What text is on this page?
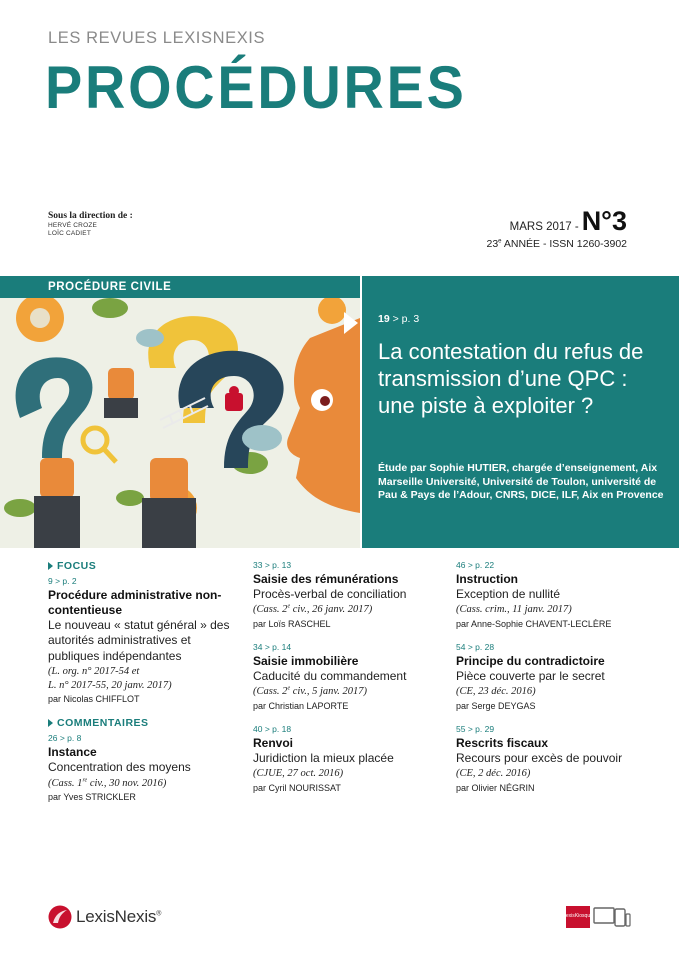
LES REVUES LEXISNEXIS
PROCÉDURES
Sous la direction de :
HERVÉ CROZE
LOÏC CADIET
MARS 2017 - N°3
23e ANNÉE - ISSN 1260-3902
PROCÉDURE CIVILE
19 > p. 3
La contestation du refus de transmission d’une QPC : une piste à exploiter ?
Étude par Sophie HUTIER, chargée d’enseignement, Aix Marseille Université, Université de Toulon, université de Pau & Pays de l’Adour, CNRS, DICE, ILF, Aix en Provence
FOCUS
9 > p. 2
Procédure administrative non-contentieuse
Le nouveau « statut général » des autorités administratives et publiques indépendantes
(L. org. n° 2017-54 et
L. n° 2017-55, 20 janv. 2017)
par Nicolas CHIFFLOT
COMMENTAIRES
26 > p. 8
Instance
Concentration des moyens
(Cass. 1re civ., 30 nov. 2016)
par Yves STRICKLER
33 > p. 13
Saisie des rémunérations
Procès-verbal de conciliation
(Cass. 2e civ., 26 janv. 2017)
par Loïs RASCHEL
34 > p. 14
Saisie immobilière
Caducité du commandement
(Cass. 2e civ., 5 janv. 2017)
par Christian LAPORTE
40 > p. 18
Renvoi
Juridiction la mieux placée
(CJUE, 27 oct. 2016)
par Cyril NOURISSAT
46 > p. 22
Instruction
Exception de nullité
(Cass. crim., 11 janv. 2017)
par Anne-Sophie CHAVENT-LECLÈRE
54 > p. 28
Principe du contradictoire
Pièce couverte par le secret
(CE, 23 déc. 2016)
par Serge DEYGAS
55 > p. 29
Rescrits fiscaux
Recours pour excès de pouvoir
(CE, 2 déc. 2016)
par Olivier NÉGRIN
LexisNexis®	Lexis Kiosque
